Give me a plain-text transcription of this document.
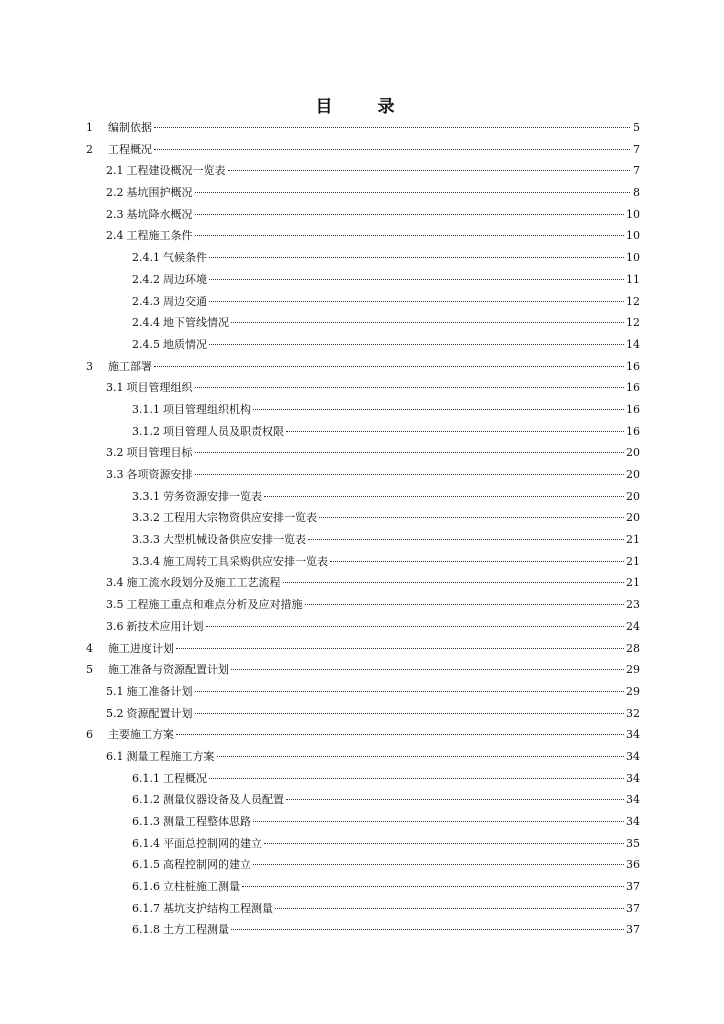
目　录
1	编制依据	5
2	工程概况	7
2.1 工程建设概况一览表	7
2.2 基坑围护概况	8
2.3 基坑降水概况	10
2.4 工程施工条件	10
2.4.1 气候条件	10
2.4.2 周边环境	11
2.4.3 周边交通	12
2.4.4 地下管线情况	12
2.4.5 地质情况	14
3	施工部署	16
3.1 项目管理组织	16
3.1.1 项目管理组织机构	16
3.1.2 项目管理人员及职责权限	16
3.2 项目管理目标	20
3.3 各项资源安排	20
3.3.1 劳务资源安排一览表	20
3.3.2 工程用大宗物资供应安排一览表	20
3.3.3 大型机械设备供应安排一览表	21
3.3.4 施工周转工具采购供应安排一览表	21
3.4 施工流水段划分及施工工艺流程	21
3.5 工程施工重点和难点分析及应对措施	23
3.6 新技术应用计划	24
4	施工进度计划	28
5	施工准备与资源配置计划	29
5.1 施工准备计划	29
5.2 资源配置计划	32
6	主要施工方案	34
6.1 测量工程施工方案	34
6.1.1 工程概况	34
6.1.2 测量仪器设备及人员配置	34
6.1.3 测量工程整体思路	34
6.1.4 平面总控制网的建立	35
6.1.5 高程控制网的建立	36
6.1.6 立柱桩施工测量	37
6.1.7 基坑支护结构工程测量	37
6.1.8 土方工程测量	37
